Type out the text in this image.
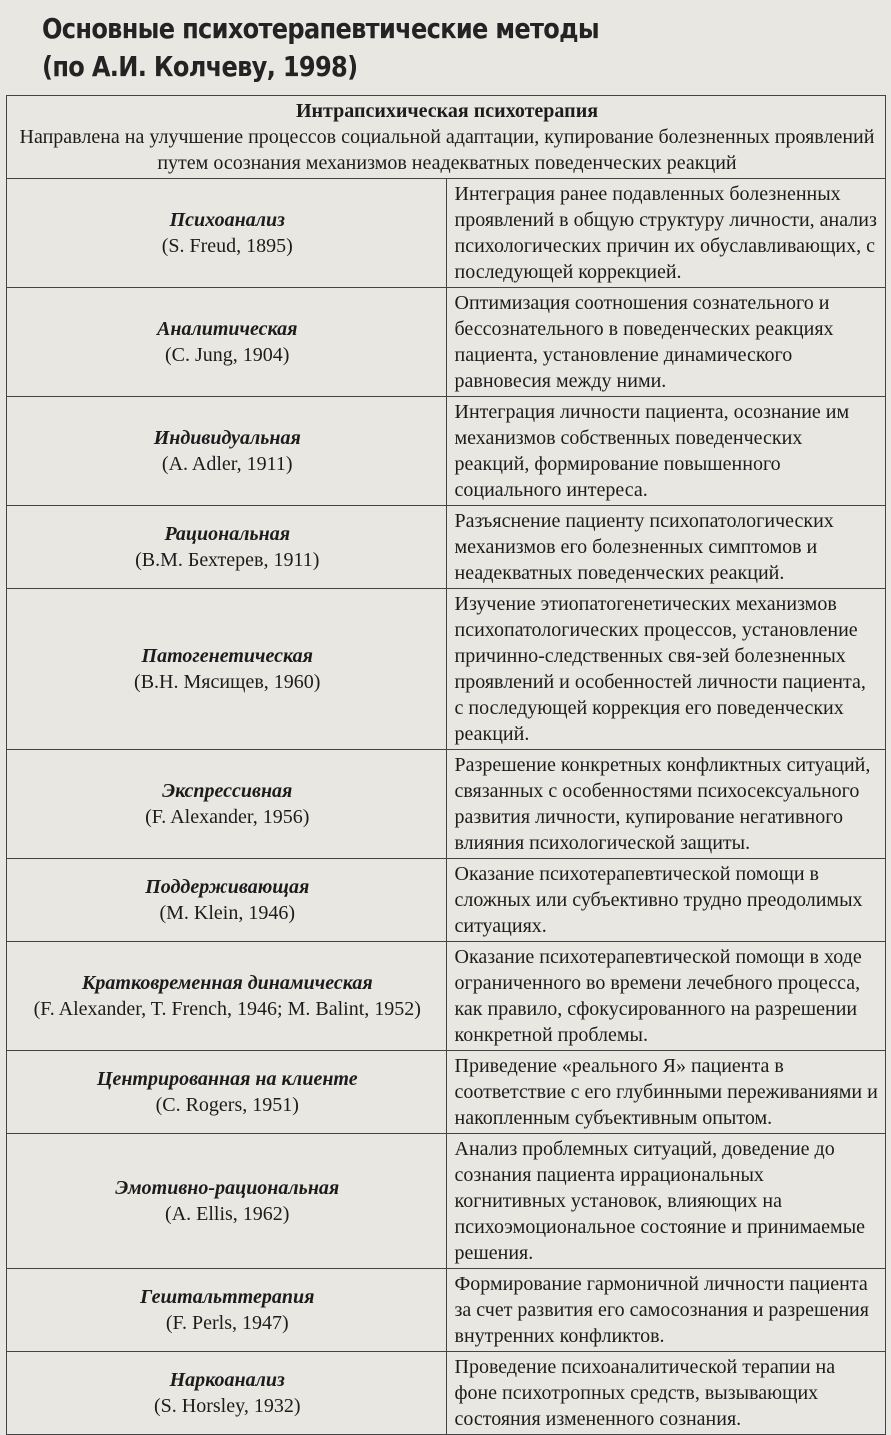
Основные психотерапевтические методы
(по А.И. Колчеву, 1998)
Интрапсихическая психотерапия
Направлена на улучшение процессов социальной адаптации, купирование болезненных проявлений путем осознания механизмов неадекватных поведенческих реакций	

Психоанализ
(S. Freud, 1895)	Интеграция ранее подавленных болезненных проявлений в общую структуру личности, анализ психологических причин их обуславливающих, с последующей коррекцией.

Аналитическая
(C. Jung, 1904)	Оптимизация соотношения сознательного и бессознательного в поведенческих реакциях пациента, установление динамического равновесия между ними.

Индивидуальная
(A. Adler, 1911)	Интеграция личности пациента, осознание им механизмов собственных поведенческих реакций, формирование повышенного социального интереса.

Рациональная
(В.М. Бехтерев, 1911)	Разъяснение пациенту психопатологических механизмов его болезненных симптомов и неадекватных поведенческих реакций.

Патогенетическая
(В.Н. Мясищев, 1960)	Изучение этиопатогенетических механизмов психопатологических процессов, установление причинно-следственных свя-зей болезненных проявлений и особенностей личности пациента, с последующей коррекция его поведенческих реакций.

Экспрессивная
(F. Alexander, 1956)	Разрешение конкретных конфликтных ситуаций, связанных с особенностями психосексуального развития личности, купирование негативного влияния психологической защиты.

Поддерживающая
(M. Klein, 1946)	Оказание психотерапевтической помощи в сложных или субъективно трудно преодолимых ситуациях.

Кратковременная динамическая
(F. Alexander, T. French, 1946; M. Balint, 1952)	Оказание психотерапевтической помощи в ходе ограниченного во времени лечебного процесса, как правило, сфокусированного на разрешении конкретной проблемы.

Центрированная на клиенте
(C. Rogers, 1951)	Приведение «реального Я» пациента в соответствие с его глубинными переживаниями и накопленным субъективным опытом.

Эмотивно-рациональная
(A. Ellis, 1962)	Анализ проблемных ситуаций, доведение до сознания пациента иррациональных когнитивных установок, влияющих на психоэмоциональное состояние и принимаемые решения.

Гештальттерапия
(F. Perls, 1947)	Формирование гармоничной личности пациента за счет развития его самосознания и разрешения внутренних конфликтов.

Наркоанализ
(S. Horsley, 1932)	Проведение психоаналитической терапии на фоне психотропных средств, вызывающих состояния измененного сознания.
